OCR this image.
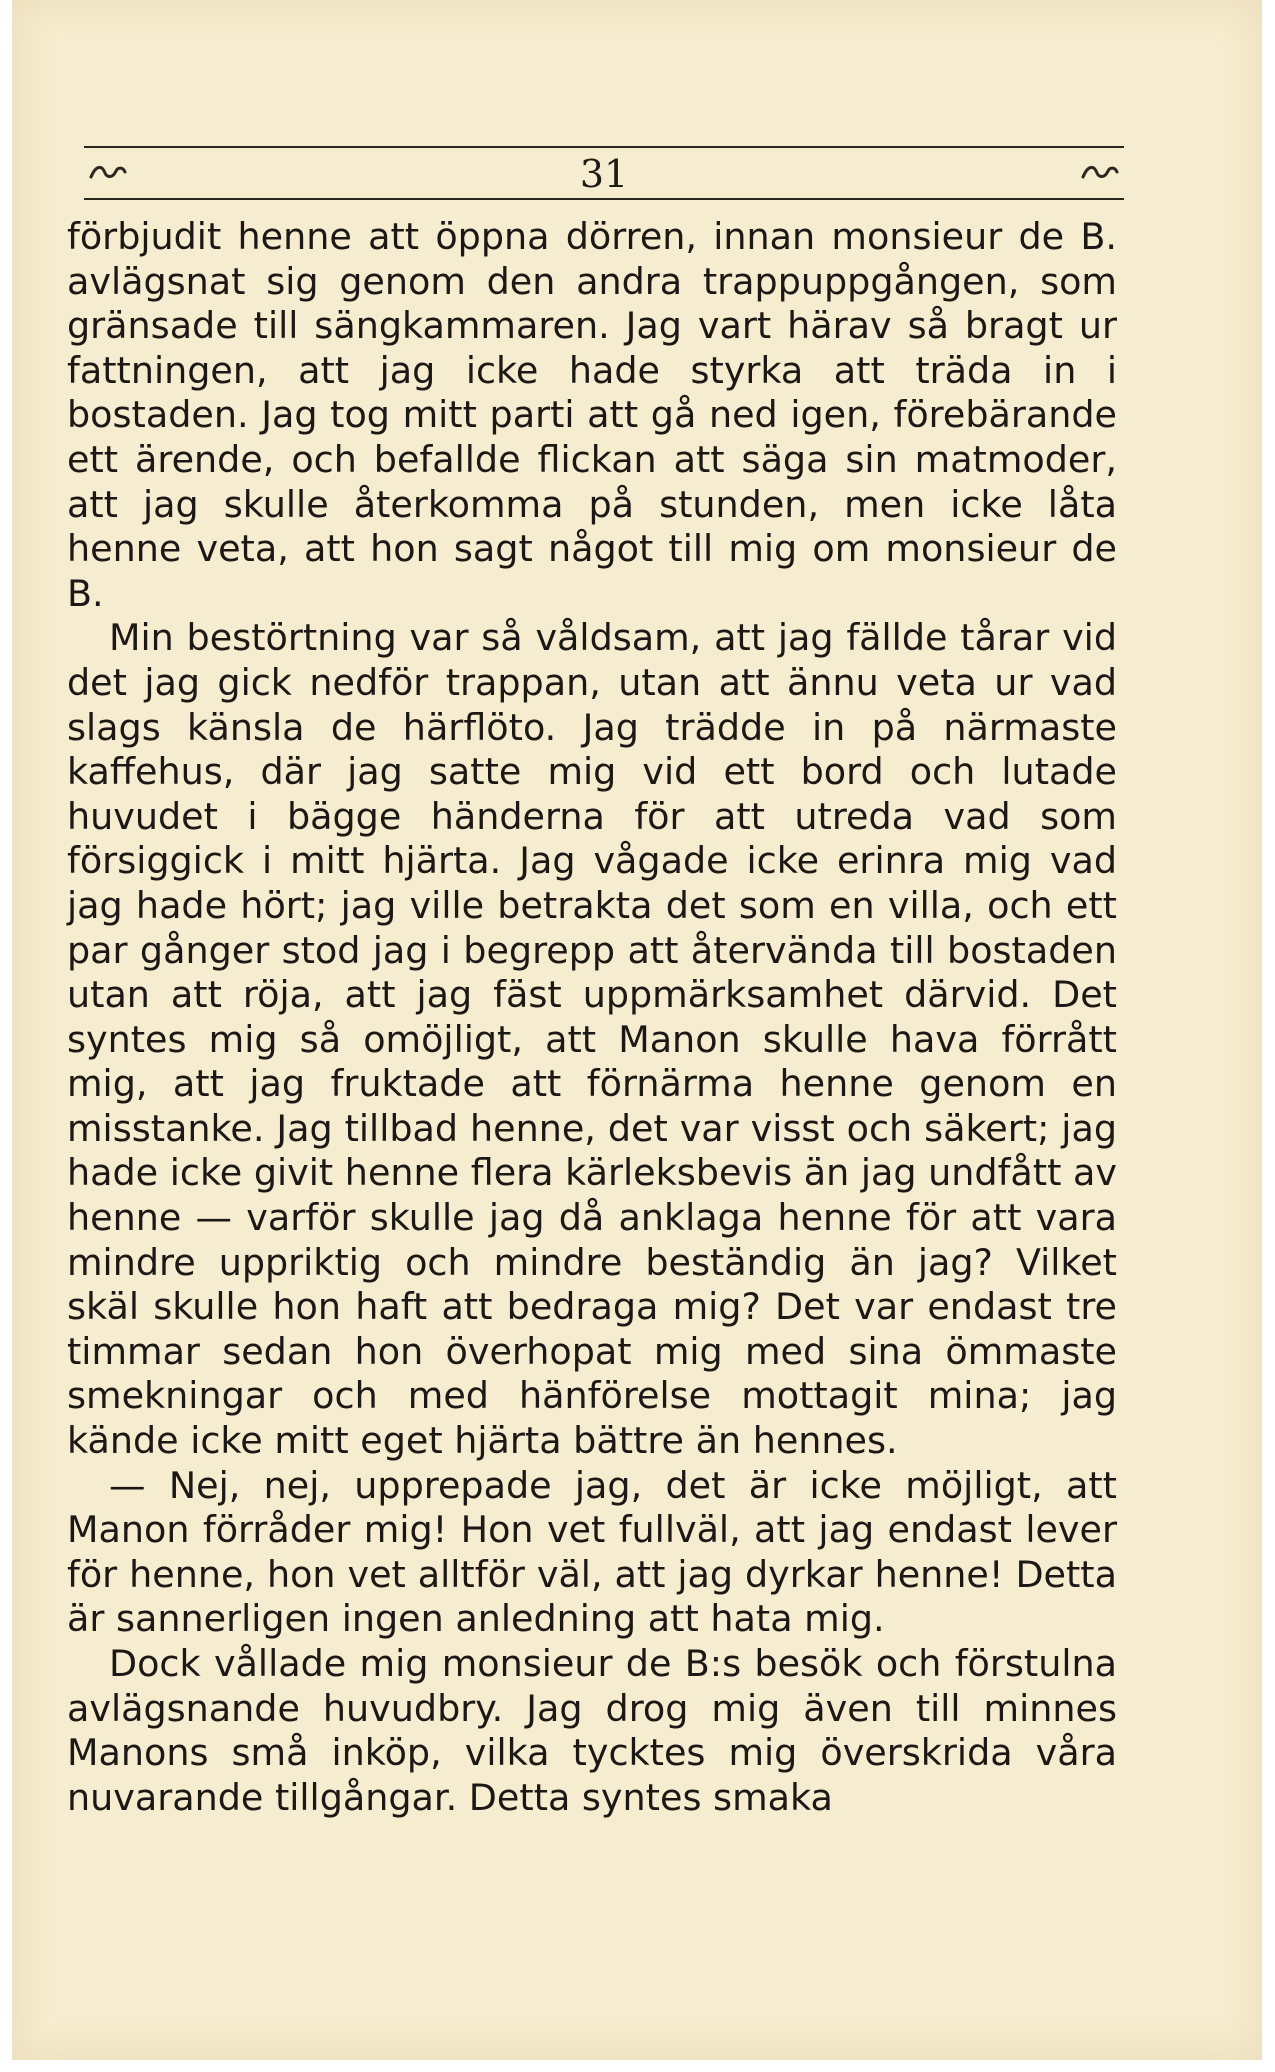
31

förbjudit henne att öppna dörren, innan monsieur de B. avlägsnat sig genom den andra trappuppgången, som gränsade till sängkammaren. Jag vart härav så bragt ur fattningen, att jag icke hade styrka att träda in i bostaden. Jag tog mitt parti att gå ned igen, förebärande ett ärende, och befallde flickan att säga sin matmoder, att jag skulle återkomma på stunden, men icke låta henne veta, att hon sagt något till mig om monsieur de B.

Min bestörtning var så våldsam, att jag fällde tårar vid det jag gick nedför trappan, utan att ännu veta ur vad slags känsla de härflöto. Jag trädde in på närmaste kaffehus, där jag satte mig vid ett bord och lutade huvudet i bägge händerna för att utreda vad som försiggick i mitt hjärta. Jag vågade icke erinra mig vad jag hade hört; jag ville betrakta det som en villa, och ett par gånger stod jag i begrepp att återvända till bostaden utan att röja, att jag fäst uppmärksamhet därvid. Det syntes mig så omöjligt, att Manon skulle hava förrått mig, att jag fruktade att förnärma henne genom en misstanke. Jag tillbad henne, det var visst och säkert; jag hade icke givit henne flera kärleksbevis än jag undfått av henne — varför skulle jag då anklaga henne för att vara mindre uppriktig och mindre beständig än jag? Vilket skäl skulle hon haft att bedraga mig? Det var endast tre timmar sedan hon överhopat mig med sina ömmaste smekningar och med hänförelse mottagit mina; jag kände icke mitt eget hjärta bättre än hennes.

— Nej, nej, upprepade jag, det är icke möjligt, att Manon förråder mig! Hon vet fullväl, att jag endast lever för henne, hon vet alltför väl, att jag dyrkar henne! Detta är sannerligen ingen anledning att hata mig.

Dock vållade mig monsieur de B:s besök och förstulna avlägsnande huvudbry. Jag drog mig även till minnes Manons små inköp, vilka tycktes mig överskrida våra nuvarande tillgångar. Detta syntes smaka
